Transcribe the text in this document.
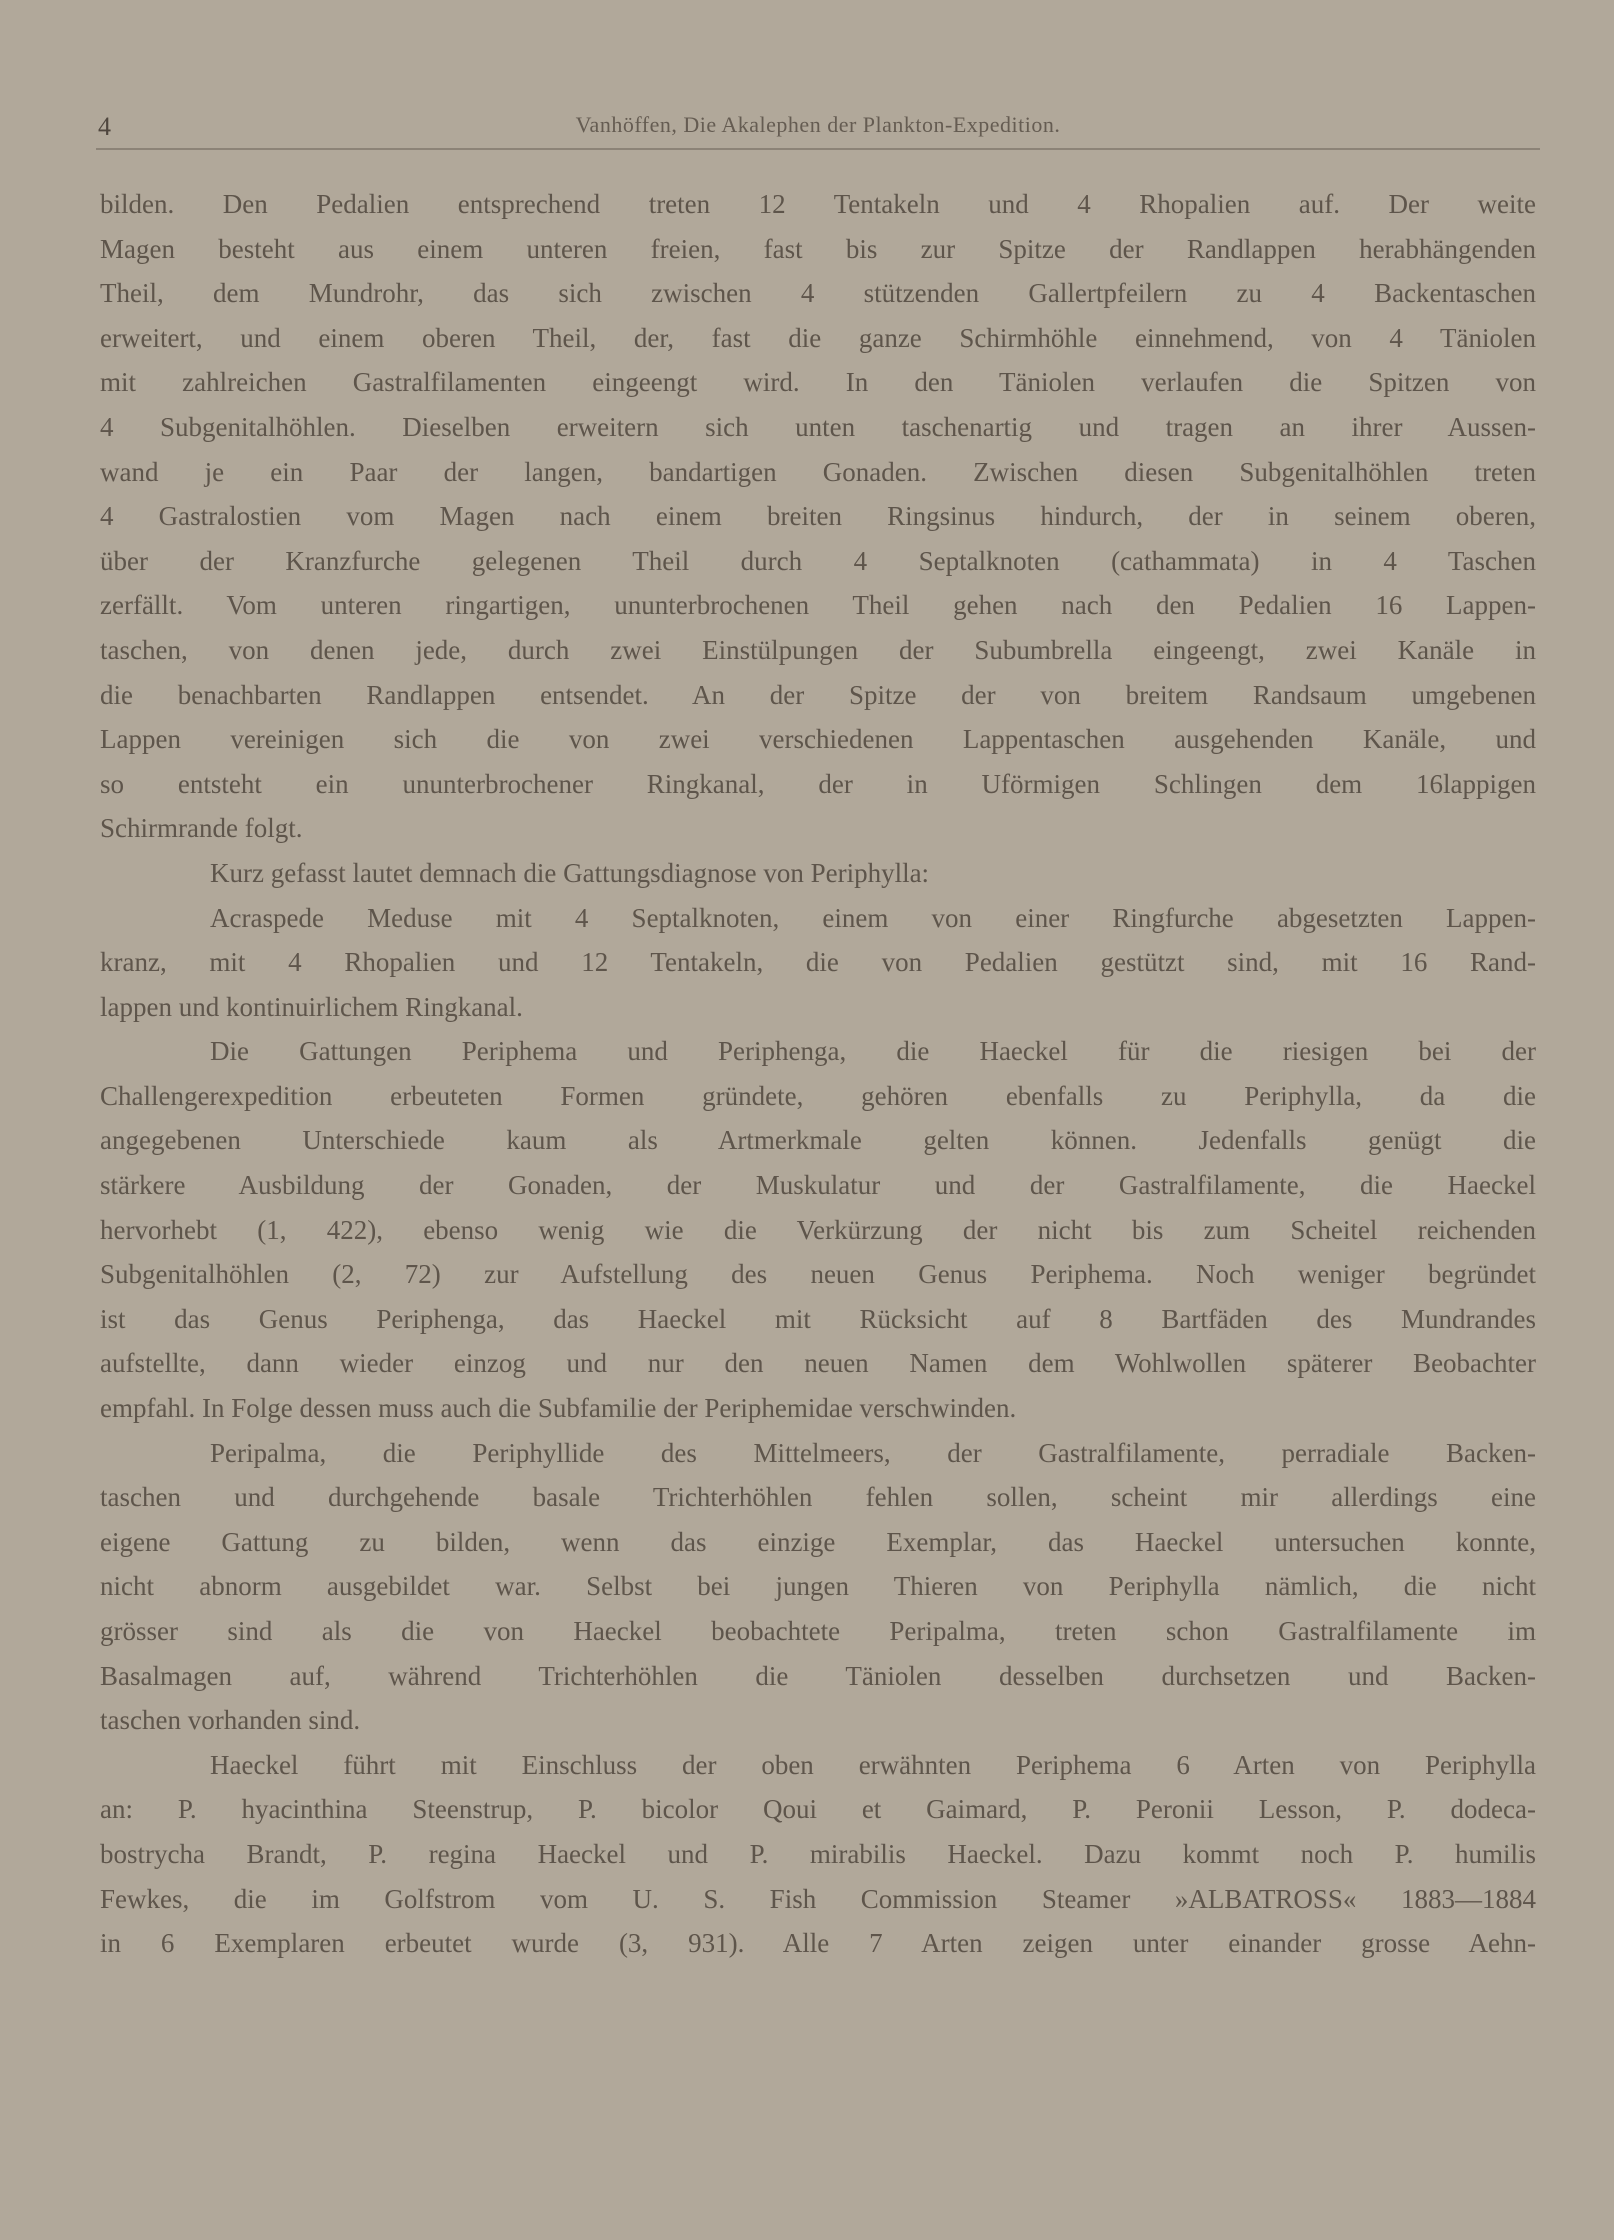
4	Vanhöffen, Die Akalephen der Plankton-Expedition.
bilden. Den Pedalien entsprechend treten 12 Tentakeln und 4 Rhopalien auf. Der weite
Magen besteht aus einem unteren freien, fast bis zur Spitze der Randlappen herabhängenden
Theil, dem Mundrohr, das sich zwischen 4 stützenden Gallertpfeilern zu 4 Backentaschen
erweitert, und einem oberen Theil, der, fast die ganze Schirmhöhle einnehmend, von 4 Täniolen
mit zahlreichen Gastralfilamenten eingeengt wird. In den Täniolen verlaufen die Spitzen von
4 Subgenitalhöhlen. Dieselben erweitern sich unten taschenartig und tragen an ihrer Aussen-
wand je ein Paar der langen, bandartigen Gonaden. Zwischen diesen Subgenitalhöhlen treten
4 Gastralostien vom Magen nach einem breiten Ringsinus hindurch, der in seinem oberen,
über der Kranzfurche gelegenen Theil durch 4 Septalknoten (cathammata) in 4 Taschen
zerfällt. Vom unteren ringartigen, ununterbrochenen Theil gehen nach den Pedalien 16 Lappen-
taschen, von denen jede, durch zwei Einstülpungen der Subumbrella eingeengt, zwei Kanäle in
die benachbarten Randlappen entsendet. An der Spitze der von breitem Randsaum umgebenen
Lappen vereinigen sich die von zwei verschiedenen Lappentaschen ausgehenden Kanäle, und
so entsteht ein ununterbrochener Ringkanal, der in Uförmigen Schlingen dem 16lappigen
Schirmrande folgt.
Kurz gefasst lautet demnach die Gattungsdiagnose von Periphylla:
Acraspede Meduse mit 4 Septalknoten, einem von einer Ringfurche abgesetzten Lappen-
kranz, mit 4 Rhopalien und 12 Tentakeln, die von Pedalien gestützt sind, mit 16 Rand-
lappen und kontinuirlichem Ringkanal.
Die Gattungen Periphema und Periphenga, die Haeckel für die riesigen bei der
Challengerexpedition erbeuteten Formen gründete, gehören ebenfalls zu Periphylla, da die
angegebenen Unterschiede kaum als Artmerkmale gelten können. Jedenfalls genügt die
stärkere Ausbildung der Gonaden, der Muskulatur und der Gastralfilamente, die Haeckel
hervorhebt (1, 422), ebenso wenig wie die Verkürzung der nicht bis zum Scheitel reichenden
Subgenitalhöhlen (2, 72) zur Aufstellung des neuen Genus Periphema. Noch weniger begründet
ist das Genus Periphenga, das Haeckel mit Rücksicht auf 8 Bartfäden des Mundrandes
aufstellte, dann wieder einzog und nur den neuen Namen dem Wohlwollen späterer Beobachter
empfahl. In Folge dessen muss auch die Subfamilie der Periphemidae verschwinden.
Peripalma, die Periphyllide des Mittelmeers, der Gastralfilamente, perradiale Backen-
taschen und durchgehende basale Trichterhöhlen fehlen sollen, scheint mir allerdings eine
eigene Gattung zu bilden, wenn das einzige Exemplar, das Haeckel untersuchen konnte,
nicht abnorm ausgebildet war. Selbst bei jungen Thieren von Periphylla nämlich, die nicht
grösser sind als die von Haeckel beobachtete Peripalma, treten schon Gastralfilamente im
Basalmagen auf, während Trichterhöhlen die Täniolen desselben durchsetzen und Backen-
taschen vorhanden sind.
Haeckel führt mit Einschluss der oben erwähnten Periphema 6 Arten von Periphylla
an: P. hyacinthina Steenstrup, P. bicolor Qoui et Gaimard, P. Peronii Lesson, P. dodeca-
bostrycha Brandt, P. regina Haeckel und P. mirabilis Haeckel. Dazu kommt noch P. humilis
Fewkes, die im Golfstrom vom U. S. Fish Commission Steamer »ALBATROSS« 1883—1884
in 6 Exemplaren erbeutet wurde (3, 931). Alle 7 Arten zeigen unter einander grosse Aehn-
